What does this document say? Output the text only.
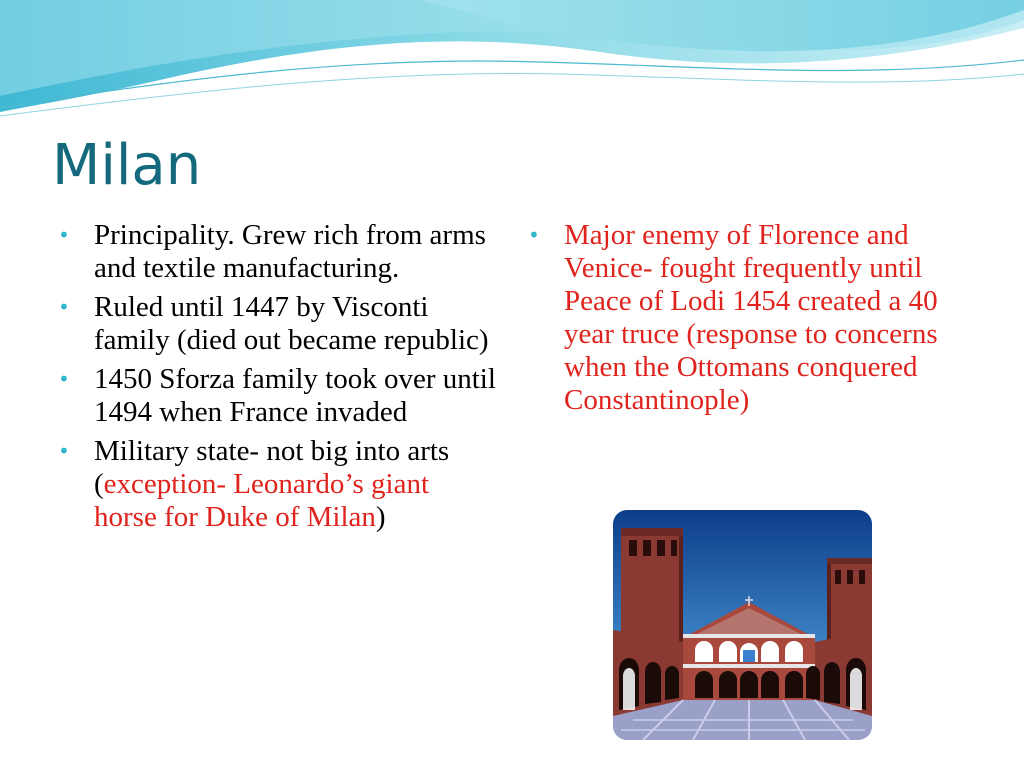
Milan
• Principality. Grew rich from arms and textile manufacturing.
• Ruled until 1447 by Visconti family (died out became republic)
• 1450 Sforza family took over until 1494 when France invaded
• Military state- not big into arts (exception- Leonardo’s giant horse for Duke of Milan)
• Major enemy of Florence and Venice- fought frequently until Peace of Lodi 1454 created a 40 year truce (response to concerns when the Ottomans conquered Constantinople)
